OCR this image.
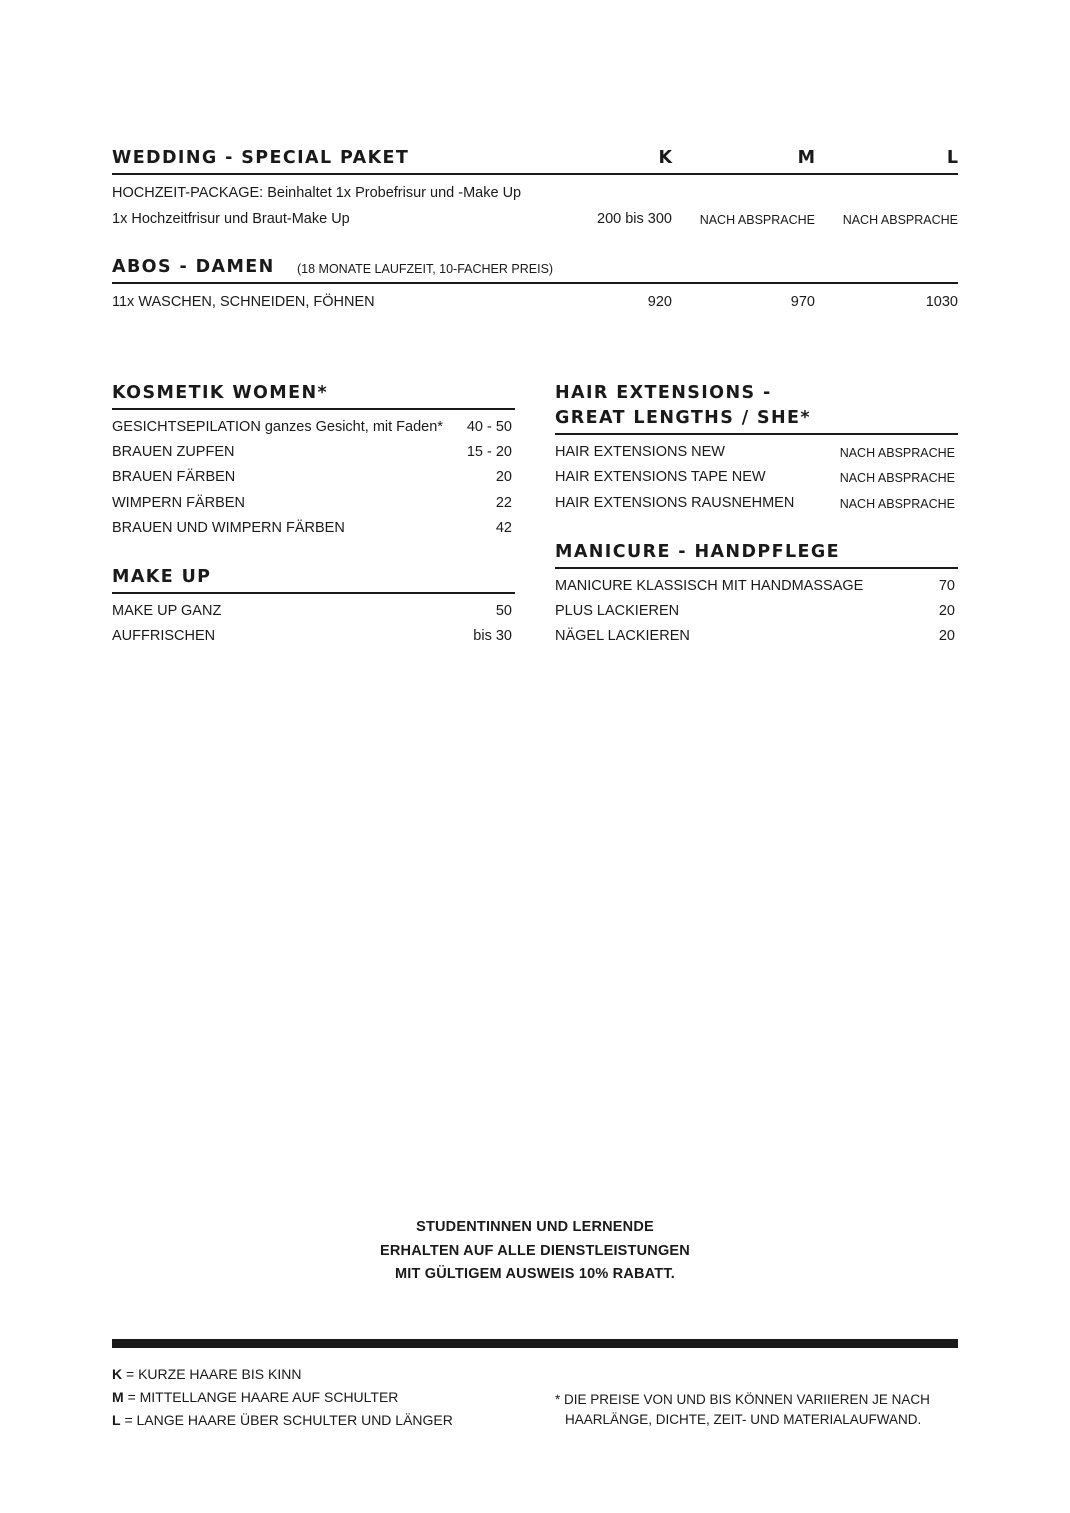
WEDDING - SPECIAL PAKET	K	M	L
HOCHZEIT-PACKAGE: Beinhaltet 1x Probefrisur und -Make Up
1x Hochzeitfrisur und Braut-Make Up	200 bis 300	NACH ABSPRACHE	NACH ABSPRACHE
ABOS - DAMEN (18 MONATE LAUFZEIT, 10-FACHER PREIS)
11x WASCHEN, SCHNEIDEN, FÖHNEN	920	970	1030
KOSMETIK WOMEN*
GESICHTSEPILATION ganzes Gesicht, mit Faden*	40 - 50
BRAUEN ZUPFEN	15 - 20
BRAUEN FÄRBEN	20
WIMPERN FÄRBEN	22
BRAUEN UND WIMPERN FÄRBEN	42
MAKE UP
MAKE UP GANZ	50
AUFFRISCHEN	bis 30
HAIR EXTENSIONS -
GREAT LENGTHS / SHE*
HAIR EXTENSIONS NEW	NACH ABSPRACHE
HAIR EXTENSIONS TAPE NEW	NACH ABSPRACHE
HAIR EXTENSIONS RAUSNEHMEN	NACH ABSPRACHE
MANICURE - HANDPFLEGE
MANICURE KLASSISCH MIT HANDMASSAGE	70
PLUS LACKIEREN	20
NÄGEL LACKIEREN	20
STUDENTINNEN UND LERNENDE
ERHALTEN AUF ALLE DIENSTLEISTUNGEN
MIT GÜLTIGEM AUSWEIS 10% RABATT.
K = KURZE HAARE BIS KINN
M = MITTELLANGE HAARE AUF SCHULTER
L = LANGE HAARE ÜBER SCHULTER UND LÄNGER
* DIE PREISE VON UND BIS KÖNNEN VARIIEREN JE NACH
HAARLÄNGE, DICHTE, ZEIT- UND MATERIALAUFWAND.
